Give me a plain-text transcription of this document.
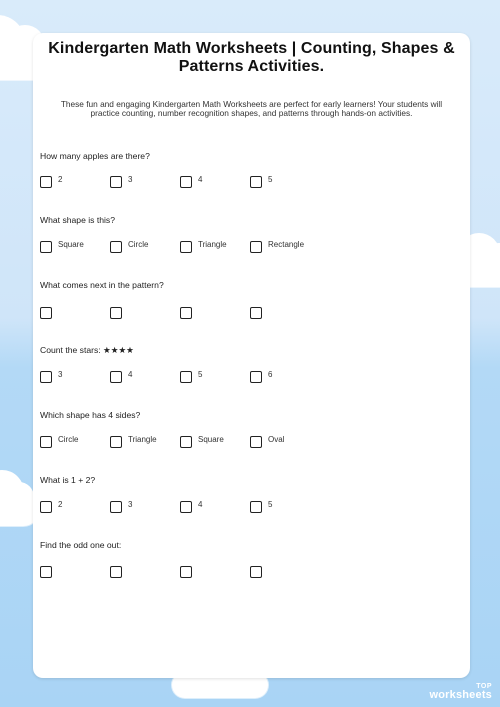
Kindergarten Math Worksheets | Counting, Shapes & Patterns Activities.
These fun and engaging Kindergarten Math Worksheets are perfect for early learners! Your students will practice counting, number recognition shapes, and patterns through hands-on activities.
How many apples are there?
2	3	4	5
What shape is this?
Square	Circle	Triangle	Rectangle
What comes next in the pattern?
Count the stars: ★★★★
3	4	5	6
Which shape has 4 sides?
Circle	Triangle	Square	Oval
What is 1 + 2?
2	3	4	5
Find the odd one out:
TOP
worksheets
